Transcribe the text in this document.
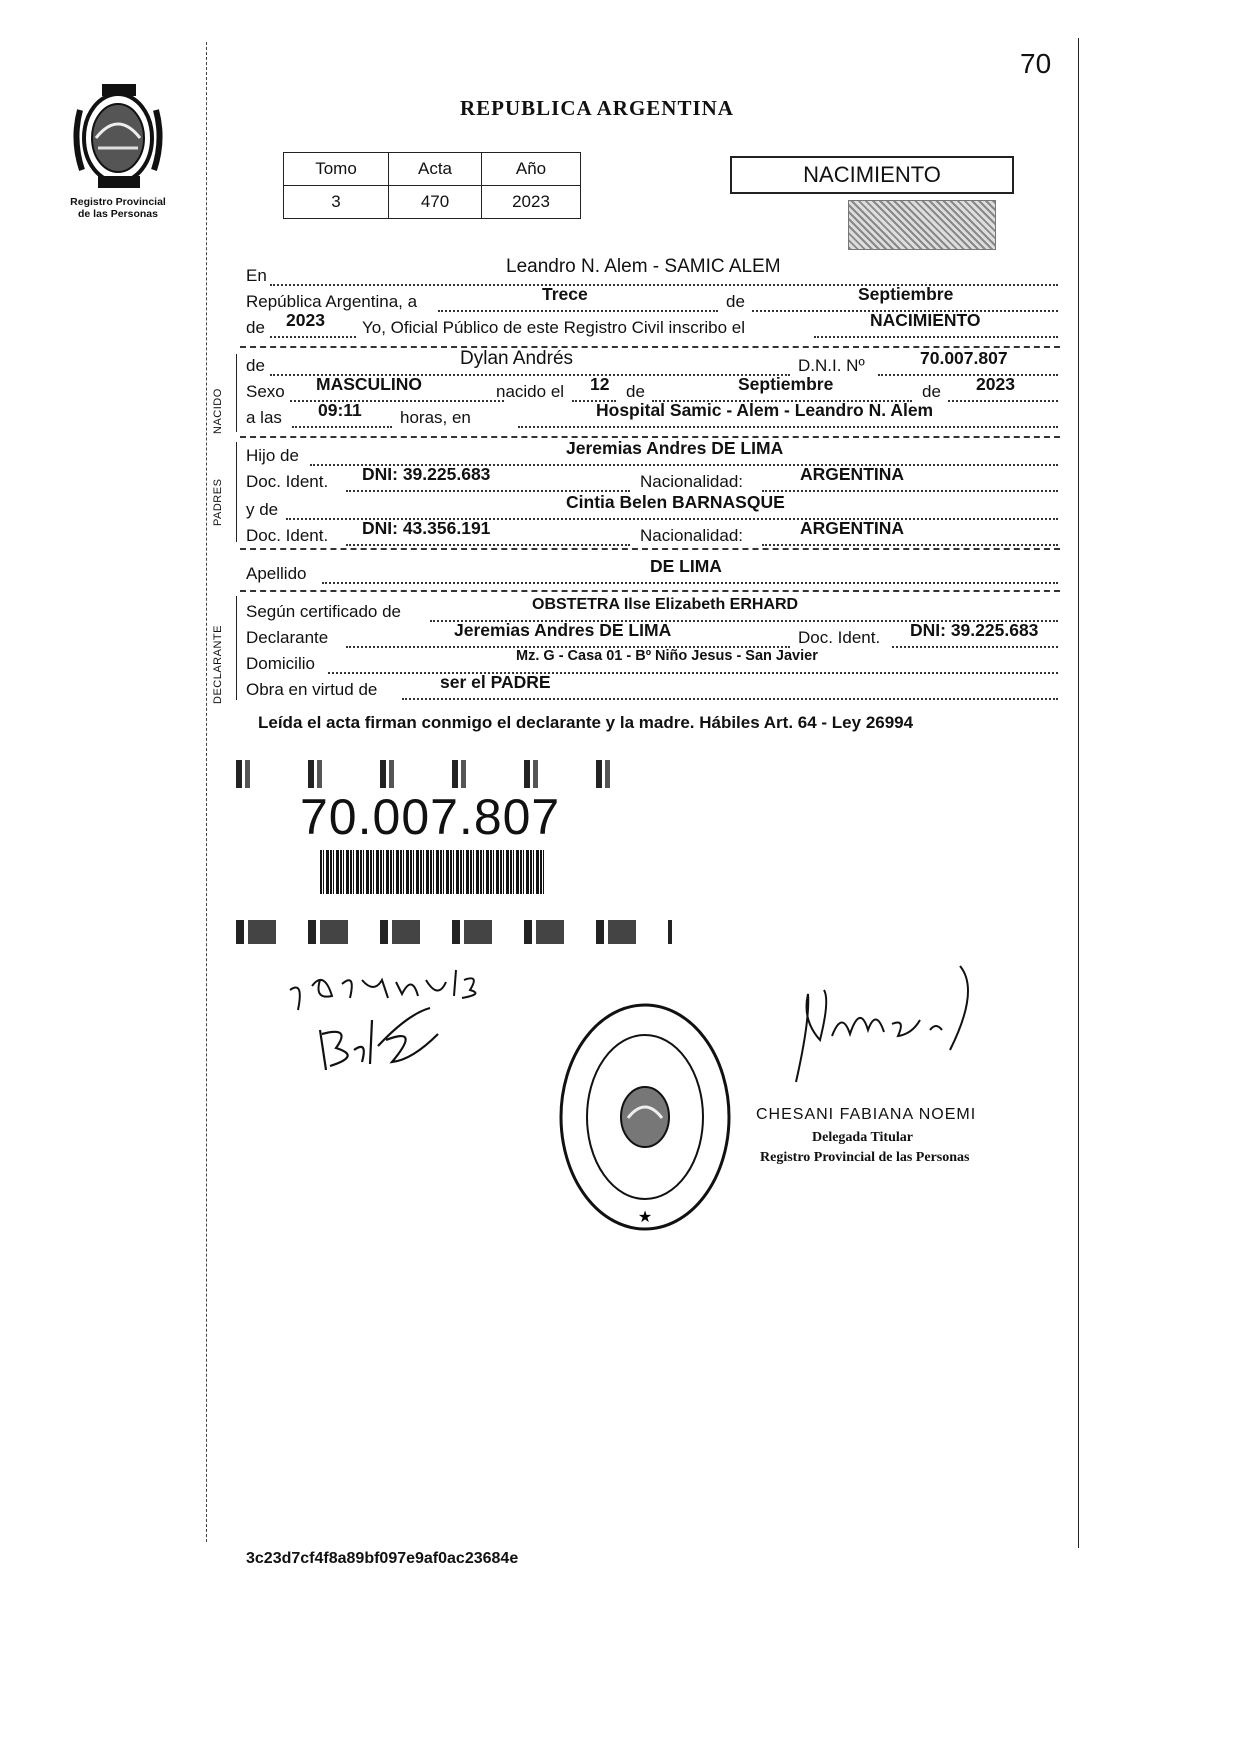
Registro Provincial
de las Personas
70
REPUBLICA ARGENTINA
Tomo	Acta	Año
3	470	2023
NACIMIENTO
En	Leandro N. Alem - SAMIC ALEM
República Argentina, a	Trece	de	Septiembre
de 2023 Yo, Oficial Público de este Registro Civil inscribo el	NACIMIENTO
NACIDO
de	Dylan Andrés	D.N.I. Nº	70.007.807
Sexo MASCULINO	nacido el 12 de	Septiembre	de 2023
a las 09:11 horas, en	Hospital Samic - Alem - Leandro N. Alem
PADRES
Hijo de	Jeremias Andres DE LIMA
Doc. Ident. DNI: 39.225.683	Nacionalidad:	ARGENTINA
y de	Cintia Belen BARNASQUE
Doc. Ident. DNI: 43.356.191	Nacionalidad:	ARGENTINA
Apellido	DE LIMA
DECLARANTE
Según certificado de	OBSTETRA Ilse Elizabeth ERHARD
Declarante	Jeremias Andres DE LIMA	Doc. Ident. DNI: 39.225.683
Domicilio	Mz. G - Casa 01 - Bº Niño Jesus - San Javier
Obra en virtud de	ser el PADRE
Leída el acta firman conmigo el declarante y la madre. Hábiles Art. 64 - Ley 26994
70.007.807
★
CHESANI FABIANA NOEMI
Delegada Titular
Registro Provincial de las Personas
3c23d7cf4f8a89bf097e9af0ac23684e
